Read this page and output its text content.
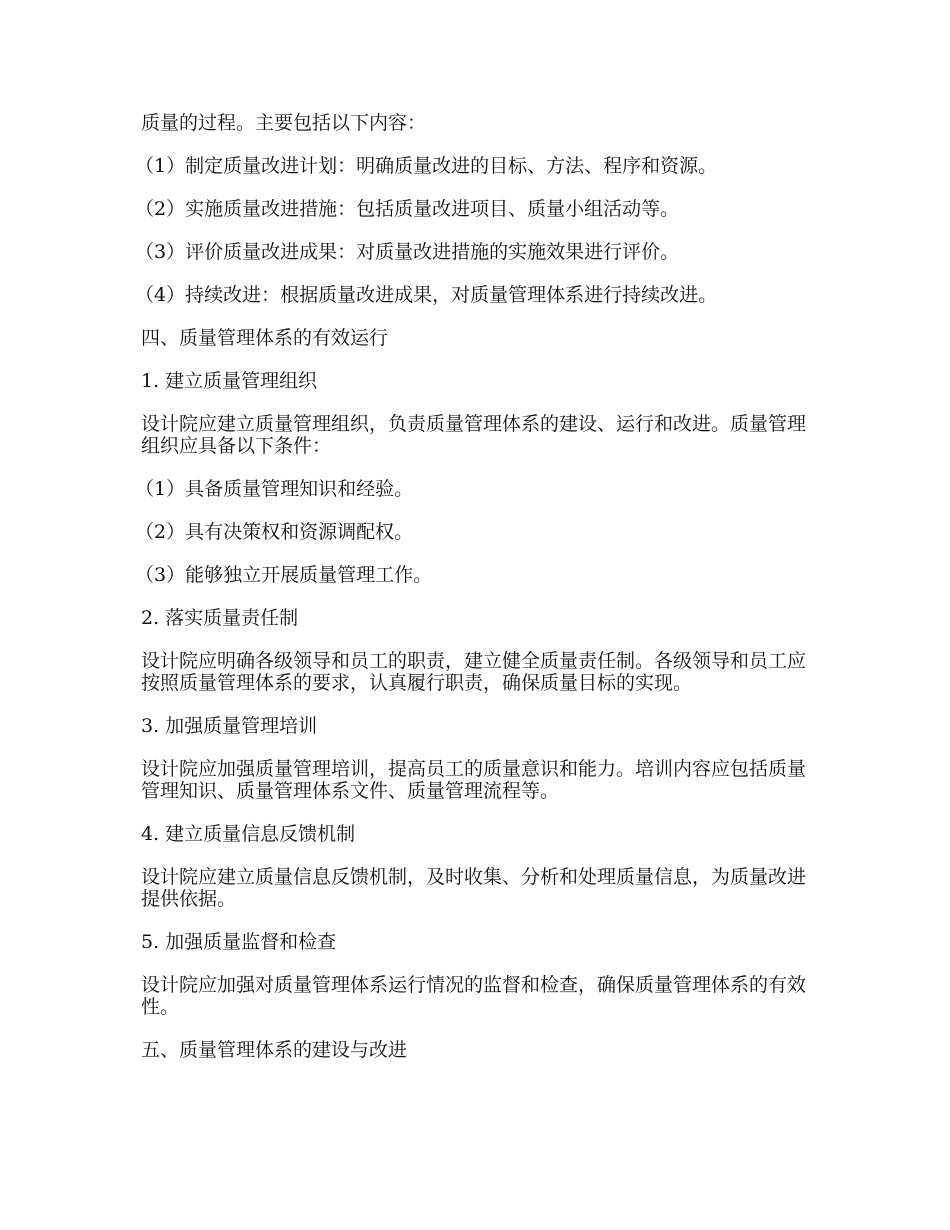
质量的过程。主要包括以下内容：
（1）制定质量改进计划：明确质量改进的目标、方法、程序和资源。
（2）实施质量改进措施：包括质量改进项目、质量小组活动等。
（3）评价质量改进成果：对质量改进措施的实施效果进行评价。
（4）持续改进：根据质量改进成果，对质量管理体系进行持续改进。
四、质量管理体系的有效运行
1. 建立质量管理组织
设计院应建立质量管理组织，负责质量管理体系的建设、运行和改进。质量管理组织应具备以下条件：
（1）具备质量管理知识和经验。
（2）具有决策权和资源调配权。
（3）能够独立开展质量管理工作。
2. 落实质量责任制
设计院应明确各级领导和员工的职责，建立健全质量责任制。各级领导和员工应按照质量管理体系的要求，认真履行职责，确保质量目标的实现。
3. 加强质量管理培训
设计院应加强质量管理培训，提高员工的质量意识和能力。培训内容应包括质量管理知识、质量管理体系文件、质量管理流程等。
4. 建立质量信息反馈机制
设计院应建立质量信息反馈机制，及时收集、分析和处理质量信息，为质量改进提供依据。
5. 加强质量监督和检查
设计院应加强对质量管理体系运行情况的监督和检查，确保质量管理体系的有效性。
五、质量管理体系的建设与改进
